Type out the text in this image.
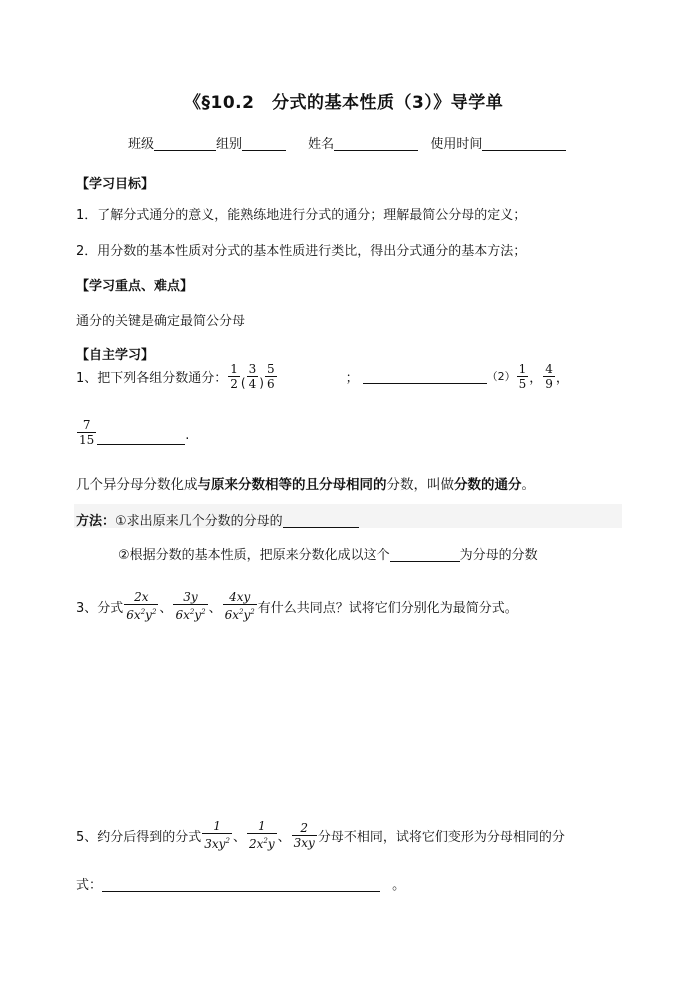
《§10.2　分式的基本性质（3）》导学单
班级	组别	姓名	使用时间
【学习目标】
1．了解分式通分的意义，能熟练地进行分式的通分；理解最简公分母的定义；
2．用分数的基本性质对分式的基本性质进行类比，得出分式通分的基本方法；
【学习重点、难点】
通分的关键是确定最简公分母
【自主学习】
1、把下列各组分数通分： $\frac{1}{2}$ ( $\frac{3}{4}$ ) $\frac{5}{6}$	；	$(2) \frac{1}{5}$ ， $\frac{4}{9}$ ，
$\frac{7}{15}$	.
几个异分母分数化成与原来分数相等的且分母相同的分数，叫做分数的通分。
方法：①求出原来几个分数的分母的
②根据分数的基本性质，把原来分数化成以这个	为分母的分数
3、分式 $\frac{2x}{6x^2y^2}$ 、 $\frac{3y}{6x^2y^2}$ 、 $\frac{4xy}{6x^2y^2}$ 有什么共同点？试将它们分别化为最简分式。
5、约分后得到的分式 $\frac{1}{3xy^2}$ 、 $\frac{1}{2x^2y}$ 、 $\frac{2}{3xy}$ 分母不相同，试将它们变形为分母相同的分
式：	。
